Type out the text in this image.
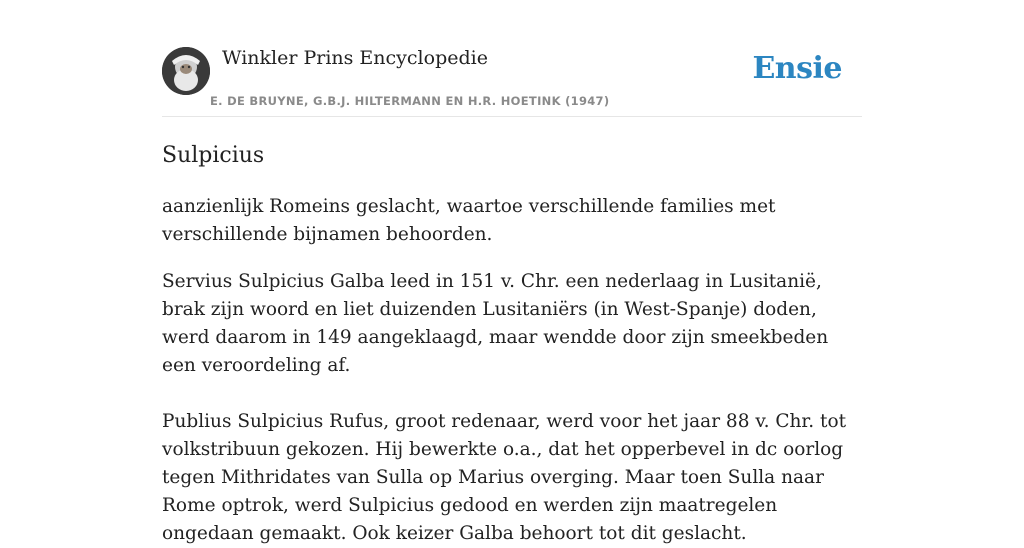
Winkler Prins Encyclopedie
E. DE BRUYNE, G.B.J. HILTERMANN EN H.R. HOETINK (1947)
Ensie
Sulpicius

aanzienlijk Romeins geslacht, waartoe verschillende families met verschillende bijnamen behoorden.

Servius Sulpicius Galba leed in 151 v. Chr. een nederlaag in Lusitanië, brak zijn woord en liet duizenden Lusitaniërs (in West-Spanje) doden, werd daarom in 149 aangeklaagd, maar wendde door zijn smeekbeden een veroordeling af.

Publius Sulpicius Rufus, groot redenaar, werd voor het jaar 88 v. Chr. tot volkstribuun gekozen. Hij bewerkte o.a., dat het opperbevel in dc oorlog tegen Mithridates van Sulla op Marius overging. Maar toen Sulla naar Rome optrok, werd Sulpicius gedood en werden zijn maatregelen ongedaan gemaakt. Ook keizer Galba behoort tot dit geslacht.
